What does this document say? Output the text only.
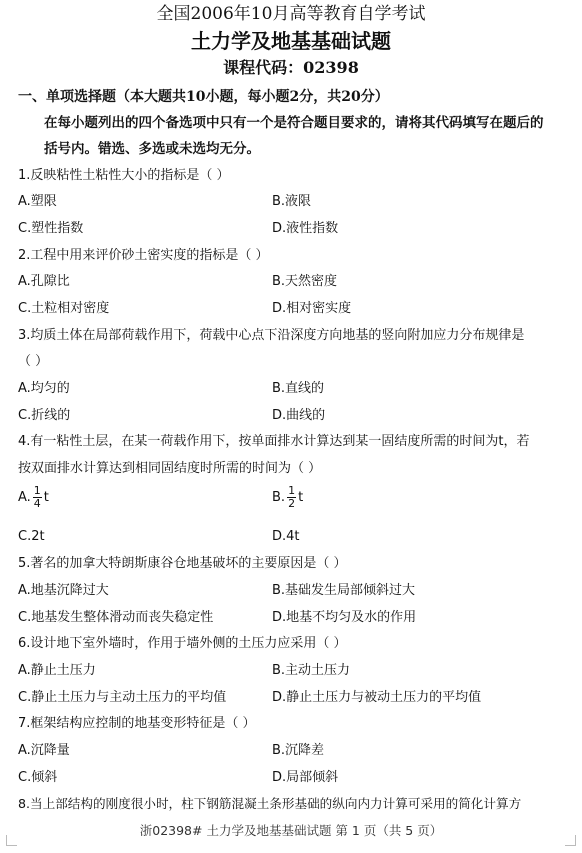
全国2006年10月高等教育自学考试
土力学及地基基础试题
课程代码：02398
一、单项选择题（本大题共10小题，每小题2分，共20分）
在每小题列出的四个备选项中只有一个是符合题目要求的，请将其代码填写在题后的
括号内。错选、多选或未选均无分。
1.反映粘性土粘性大小的指标是（ ）
A.塑限	B.液限
C.塑性指数	D.液性指数
2.工程中用来评价砂土密实度的指标是（ ）
A.孔隙比	B.天然密度
C.土粒相对密度	D.相对密实度
3.均质土体在局部荷载作用下，荷载中心点下沿深度方向地基的竖向附加应力分布规律是
（ ）
A.均匀的	B.直线的
C.折线的	D.曲线的
4.有一粘性土层，在某一荷载作用下，按单面排水计算达到某一固结度所需的时间为t，若
按双面排水计算达到相同固结度时所需的时间为（ ）
A. $\frac{1}{4}$ t	B. $\frac{1}{2}$ t
C.2t	D.4t
5.著名的加拿大特朗斯康谷仓地基破坏的主要原因是（ ）
A.地基沉降过大	B.基础发生局部倾斜过大
C.地基发生整体滑动而丧失稳定性	D.地基不均匀及水的作用
6.设计地下室外墙时，作用于墙外侧的土压力应采用（ ）
A.静止土压力	B.主动土压力
C.静止土压力与主动土压力的平均值	D.静止土压力与被动土压力的平均值
7.框架结构应控制的地基变形特征是（ ）
A.沉降量	B.沉降差
C.倾斜	D.局部倾斜
8.当上部结构的刚度很小时，柱下钢筋混凝土条形基础的纵向内力计算可采用的简化计算方
浙02398# 土力学及地基基础试题 第 1 页（共 5 页）
